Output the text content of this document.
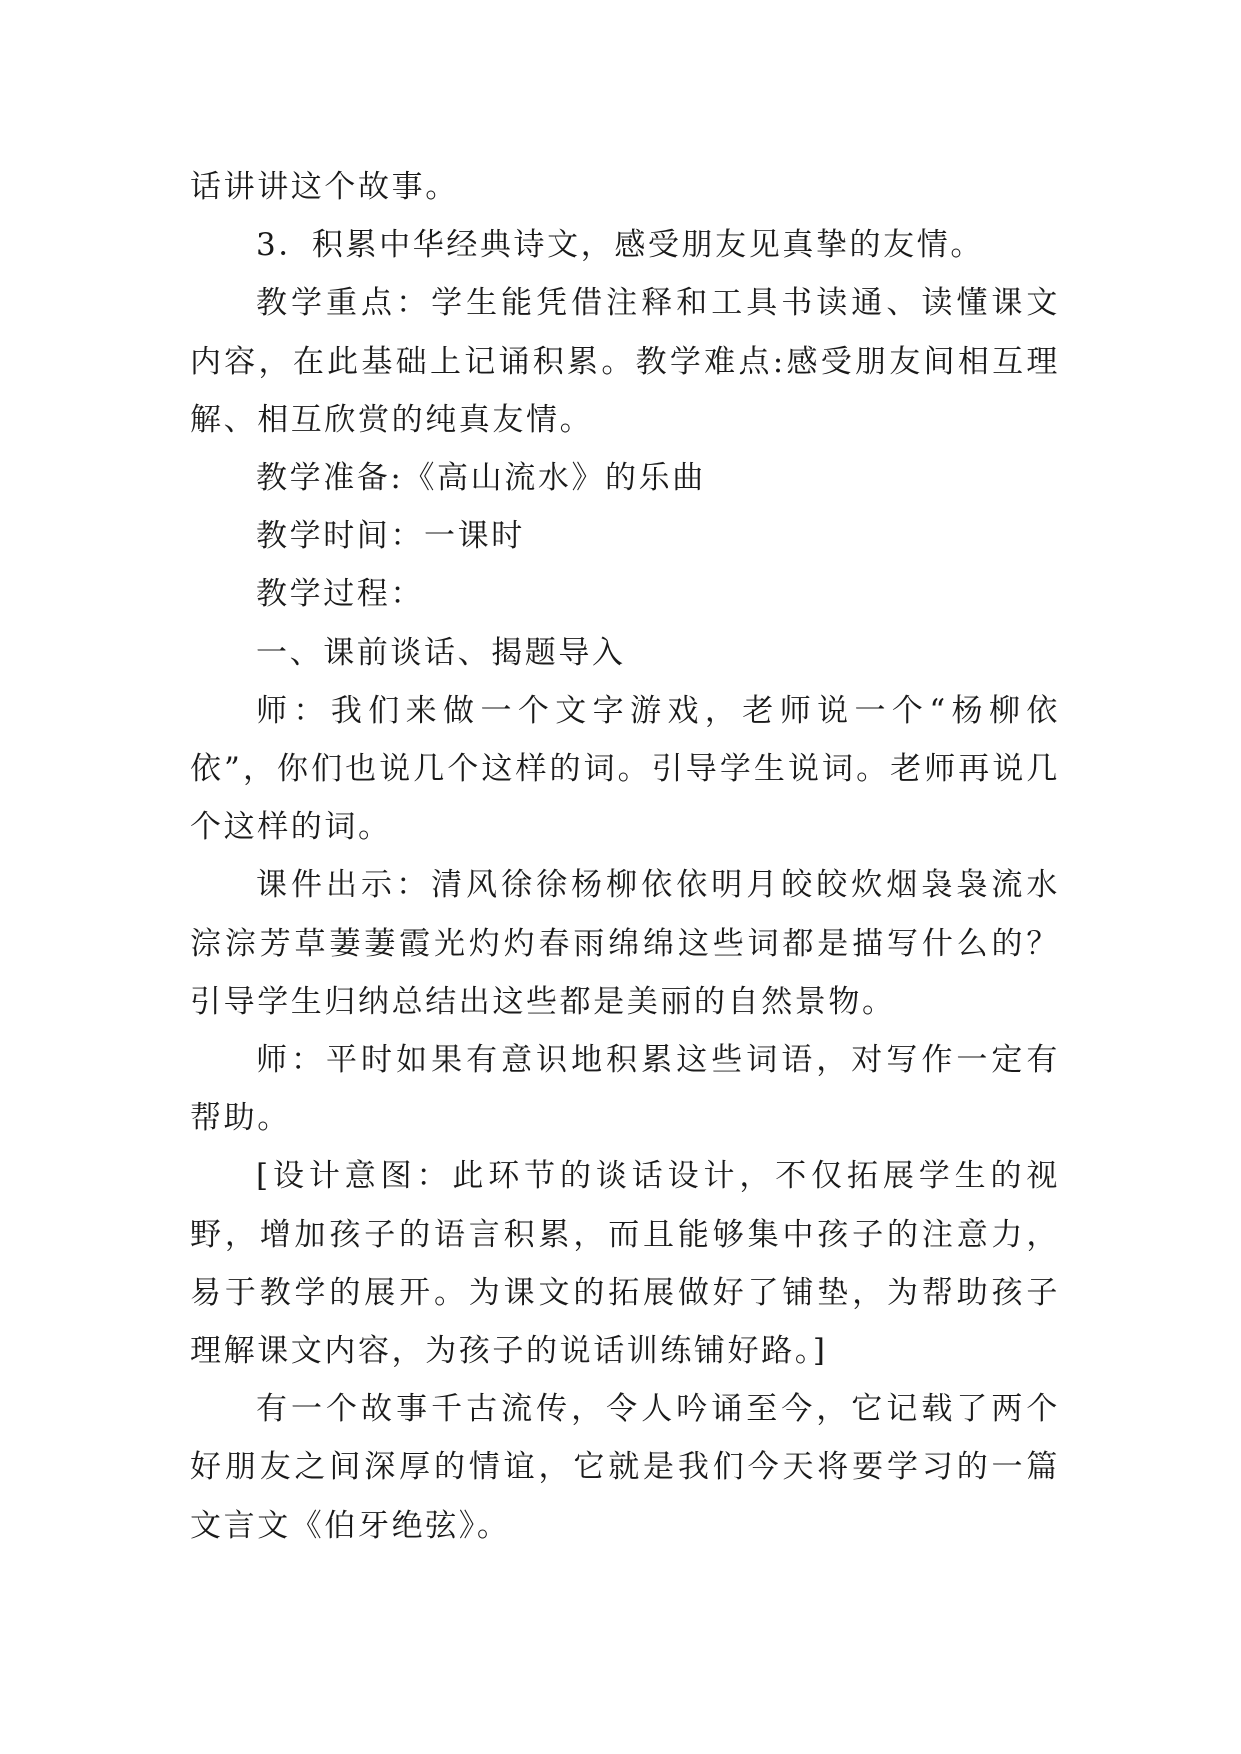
话讲讲这个故事。

3．积累中华经典诗文，感受朋友见真挚的友情。

教学重点：学生能凭借注释和工具书读通、读懂课文内容，在此基础上记诵积累。教学难点:感受朋友间相互理解、相互欣赏的纯真友情。

教学准备:《高山流水》的乐曲

教学时间：一课时

教学过程：

一、课前谈话、揭题导入

师：我们来做一个文字游戏，老师说一个“杨柳依依”，你们也说几个这样的词。引导学生说词。老师再说几个这样的词。

课件出示：清风徐徐杨柳依依明月皎皎炊烟袅袅流水淙淙芳草萋萋霞光灼灼春雨绵绵这些词都是描写什么的？引导学生归纳总结出这些都是美丽的自然景物。

师：平时如果有意识地积累这些词语，对写作一定有帮助。

[设计意图：此环节的谈话设计，不仅拓展学生的视野，增加孩子的语言积累，而且能够集中孩子的注意力，易于教学的展开。为课文的拓展做好了铺垫，为帮助孩子理解课文内容，为孩子的说话训练铺好路。]

有一个故事千古流传，令人吟诵至今，它记载了两个好朋友之间深厚的情谊，它就是我们今天将要学习的一篇文言文《伯牙绝弦》。
